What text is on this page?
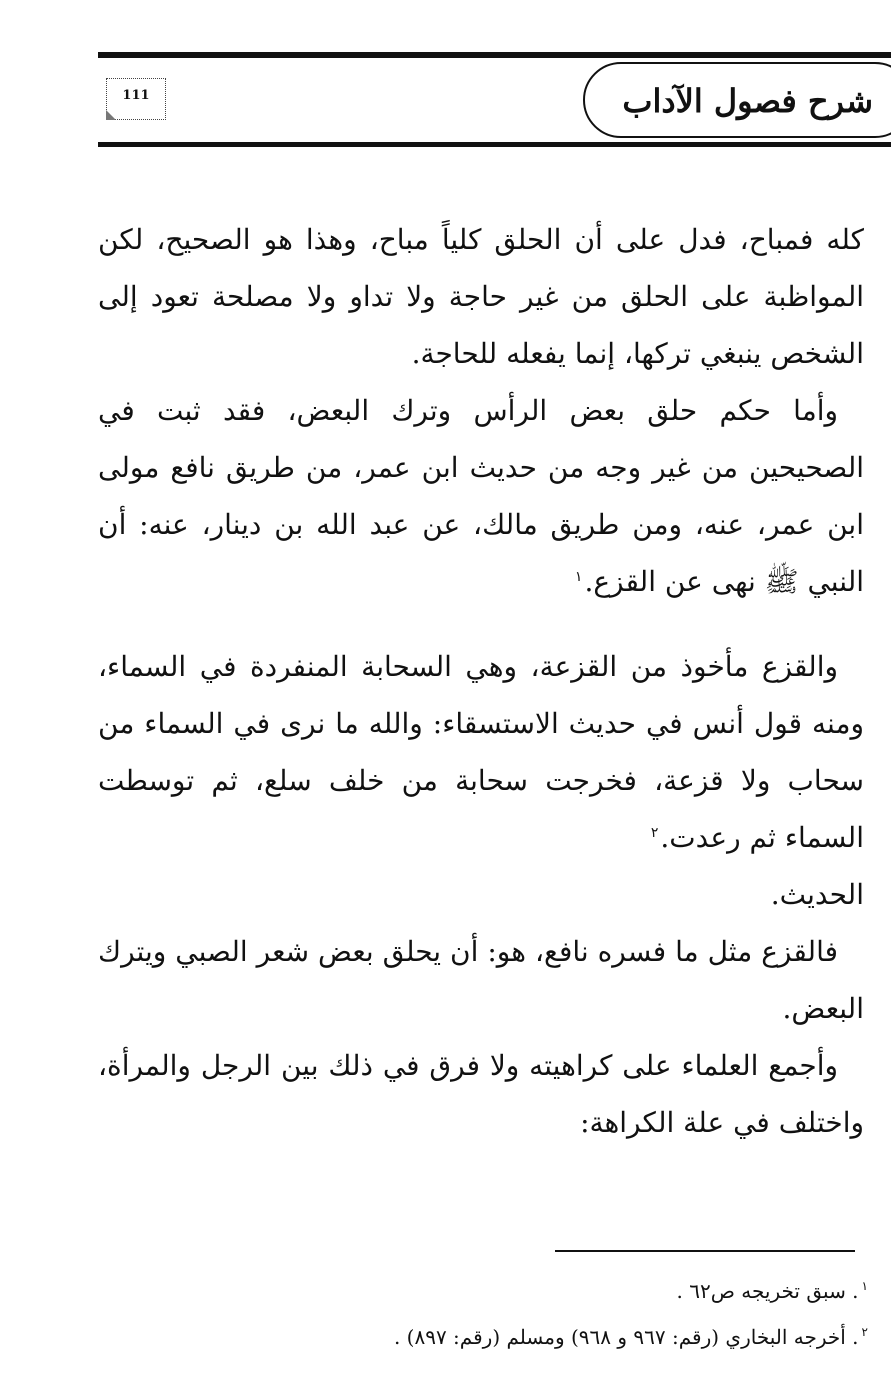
شرح فصول الآداب
111

كله فمباح، فدل على أن الحلق كلياً مباح، وهذا هو الصحيح، لكن المواظبة على الحلق من غير حاجة ولا تداو ولا مصلحة تعود إلى الشخص ينبغي تركها، إنما يفعله للحاجة.

وأما حكم حلق بعض الرأس وترك البعض، فقد ثبت في الصحيحين من غير وجه من حديث ابن عمر، من طريق نافع مولى ابن عمر، عنه، ومن طريق مالك، عن عبد الله بن دينار، عنه: أن النبي ﷺ نهى عن القزع.$^١$

والقزع مأخوذ من القزعة، وهي السحابة المنفردة في السماء، ومنه قول أنس في حديث الاستسقاء: والله ما نرى في السماء من سحاب ولا قزعة، فخرجت سحابة من خلف سلع، ثم توسطت السماء ثم رعدت.$^٢$

الحديث.

فالقزع مثل ما فسره نافع، هو: أن يحلق بعض شعر الصبي ويترك البعض.

وأجمع العلماء على كراهيته ولا فرق في ذلك بين الرجل والمرأة، واختلف في علة الكراهة:

$^١$. سبق تخريجه ص٦٢ .
$^٢$. أخرجه البخاري (رقم: ٩٦٧ و ٩٦٨) ومسلم (رقم: ٨٩٧) .
